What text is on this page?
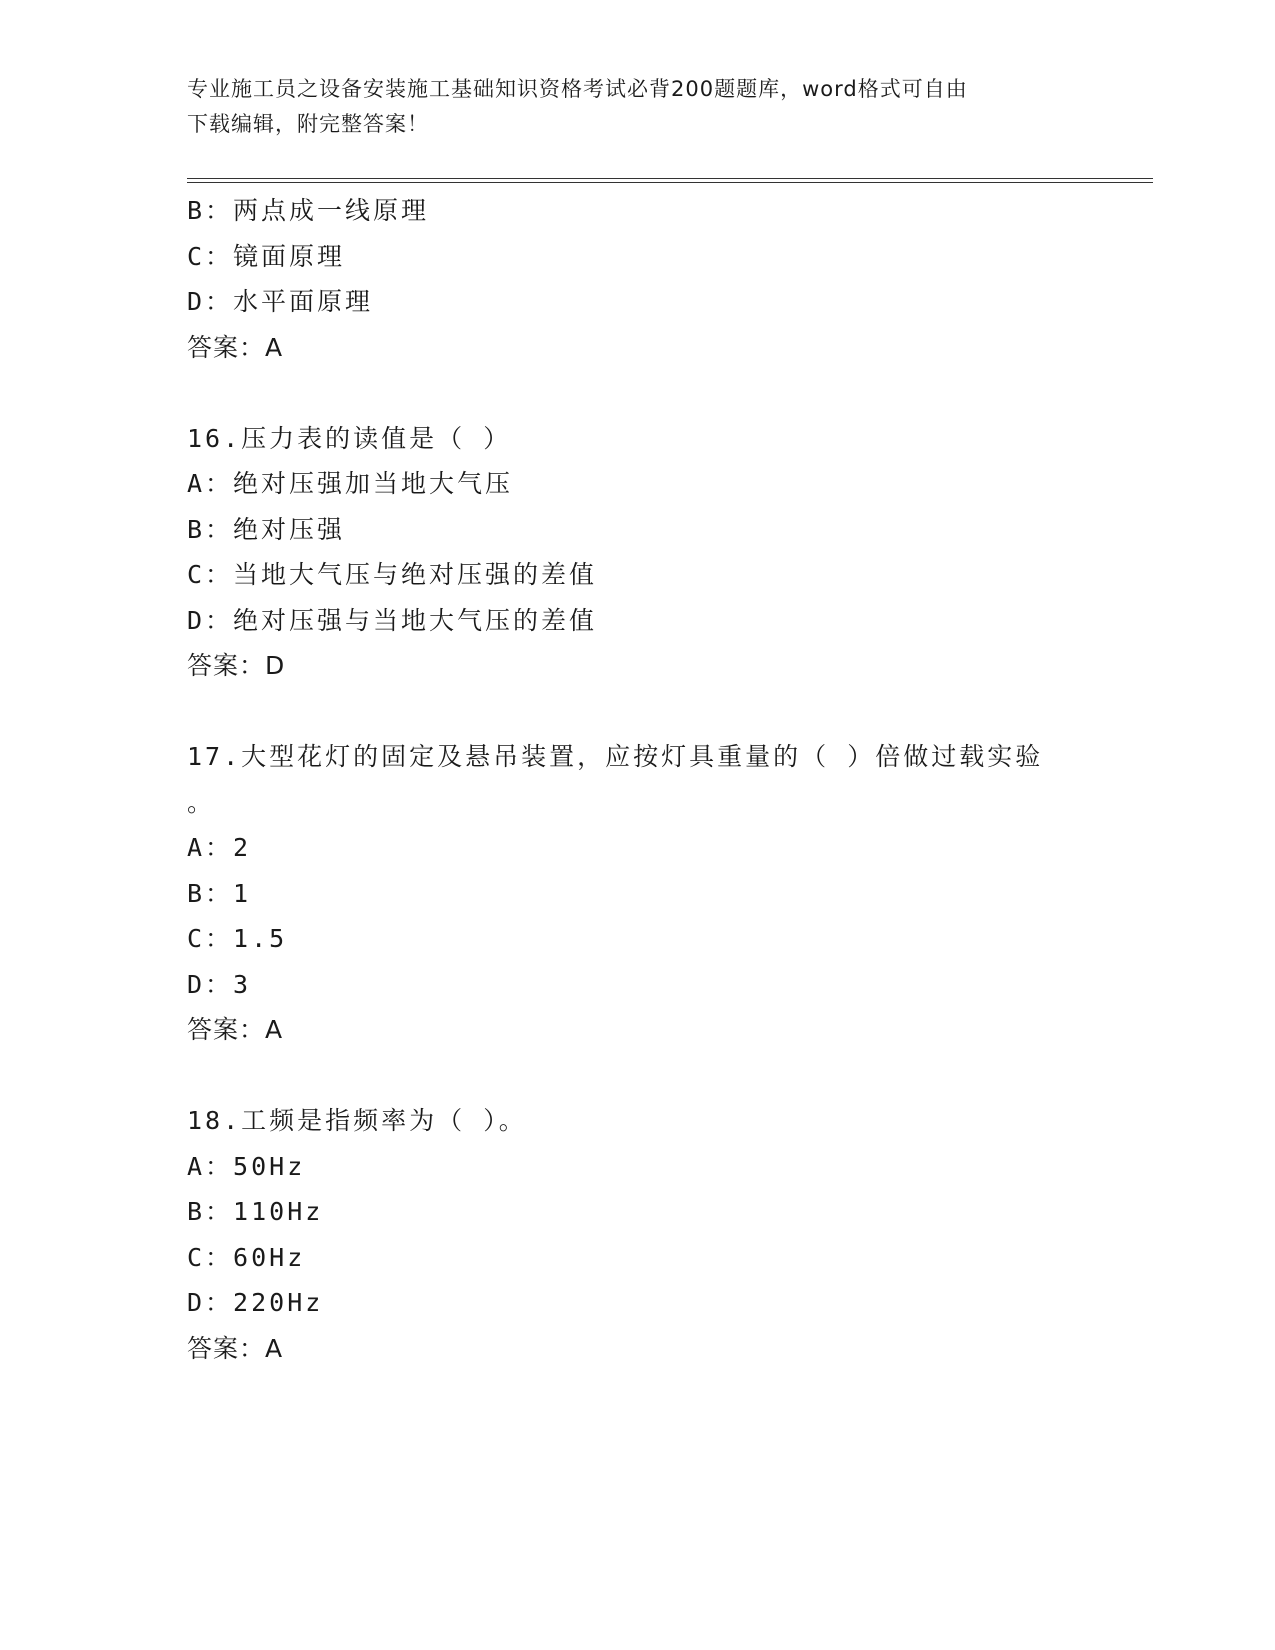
专业施工员之设备安装施工基础知识资格考试必背200题题库，word格式可自由
下载编辑，附完整答案！
B：两点成一线原理
C：镜面原理
D：水平面原理
答案：A
16.压力表的读值是（ ）
A：绝对压强加当地大气压
B：绝对压强
C：当地大气压与绝对压强的差值
D：绝对压强与当地大气压的差值
答案：D
17.大型花灯的固定及悬吊装置，应按灯具重量的（ ）倍做过载实验
。
A：2
B：1
C：1.5
D：3
答案：A
18.工频是指频率为（ ）。
A：50Hz
B：110Hz
C：60Hz
D：220Hz
答案：A
